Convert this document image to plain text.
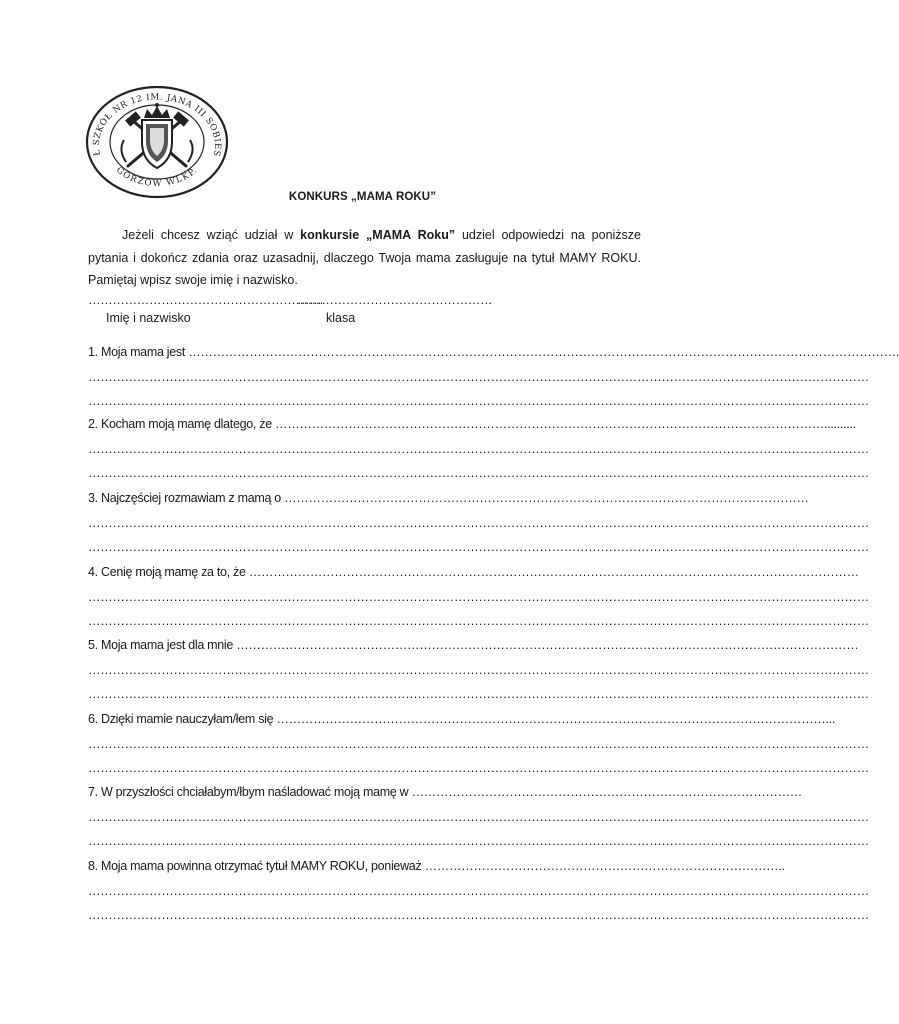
Ł SZKÓŁ NR 12 IM. JANA III SOBIES
GORZÓW WLKP.
KONKURS „MAMA ROKU”

Jeżeli chcesz wziąć udział w konkursie „MAMA Roku” udziel odpowiedzi na poniższe pytania i dokończ zdania oraz uzasadnij, dlaczego Twoja mama zasługuje na tytuł MAMY ROKU. Pamiętaj wpisz swoje imię i nazwisko.

………………………………………………….
…………………………………………
Imię i nazwisko	klasa
1. Moja mama jest ………………………………………………………………………………………………………………………………………………………….
…………………………………………………………………………………………………………………………………………………………………………
…………………………………………………………………………………………………………………………………………………………………………
2. Kocham moją mamę dlatego, że ………………………………………………………………………………………………………………………..........
…………………………………………………………………………………………………………………………………………………………………………
…………………………………………………………………………………………………………………………………………………………………………
3. Najczęściej rozmawiam z mamą o …………………………………………………………………………………………………………………
…………………………………………………………………………………………………………………………………………………………………………
…………………………………………………………………………………………………………………………………………………………………………
4. Cenię moją mamę za to, że ……………………………………………………………………………………………………………………………………
…………………………………………………………………………………………………………………………………………………………………………
…………………………………………………………………………………………………………………………………………………………………………
5. Moja mama jest dla mnie ………………………………………………………………………………………………………………………………………
…………………………………………………………………………………………………………………………………………………………………………
…………………………………………………………………………………………………………………………………………………………………………
6. Dzięki mamie nauczyłam/łem się ………………………………………………………………………………………………………………………...
…………………………………………………………………………………………………………………………………………………………………………
…………………………………………………………………………………………………………………………………………………………………………
7. W przyszłości chciałabym/łbym naśladować moją mamę w ……………………………………………………………………………………
…………………………………………………………………………………………………………………………………………………………………………
…………………………………………………………………………………………………………………………………………………………………………
8. Moja mama powinna otrzymać tytuł MAMY ROKU, ponieważ ……………………………………………………………………………..
…………………………………………………………………………………………………………………………………………………………………………
…………………………………………………………………………………………………………………………………………………………………………
